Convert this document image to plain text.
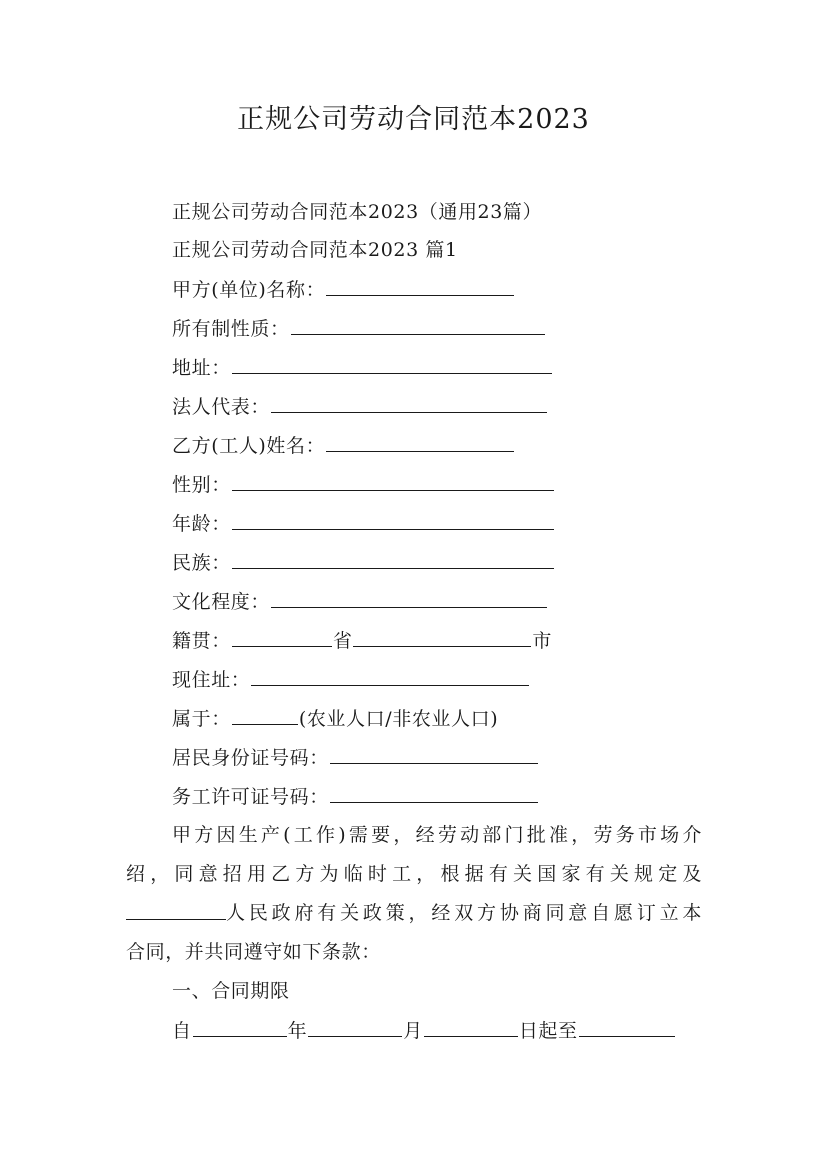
正规公司劳动合同范本2023
正规公司劳动合同范本2023（通用23篇）
正规公司劳动合同范本2023 篇1
甲方(单位)名称：
所有制性质：
地址：
法人代表：
乙方(工人)姓名：
性别：
年龄：
民族：
文化程度：
籍贯：	省	市
现住址：
属于：	(农业人口/非农业人口)
居民身份证号码：
务工许可证号码：
甲方因生产(工作)需要，经劳动部门批准，劳务市场介
绍，同意招用乙方为临时工，根据有关国家有关规定及
人民政府有关政策，经双方协商同意自愿订立本
合同，并共同遵守如下条款：
一、合同期限
自	年	月	日起至
